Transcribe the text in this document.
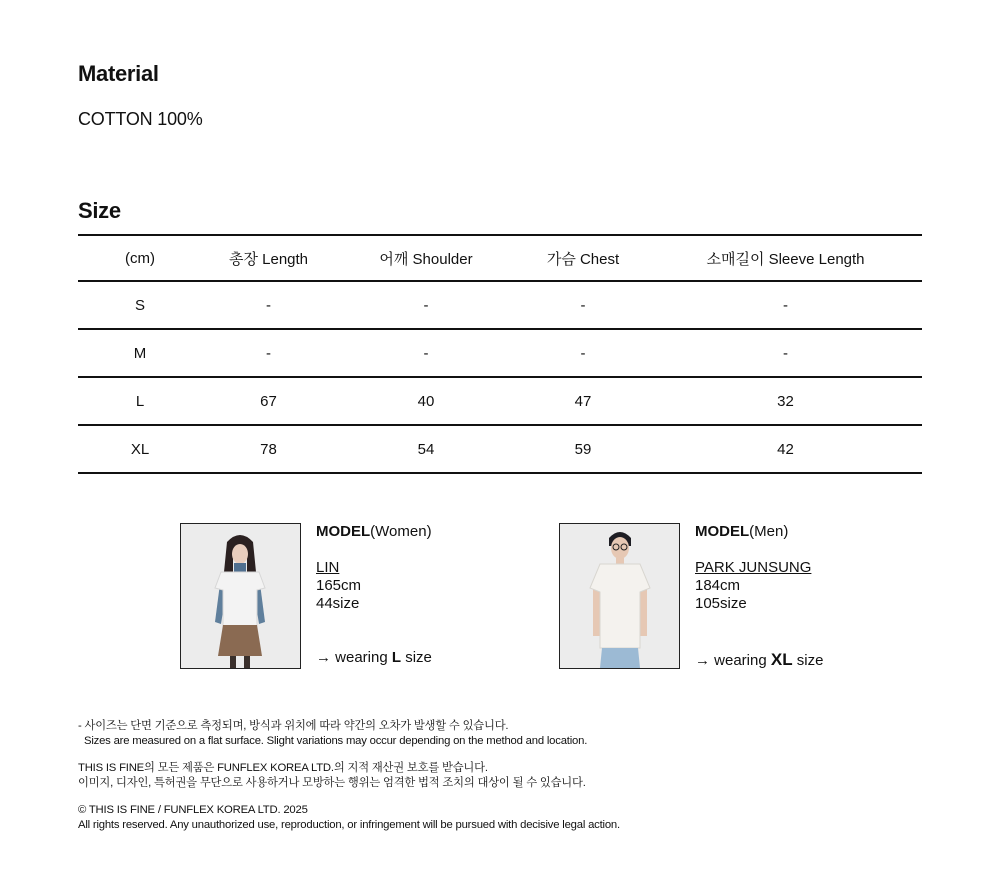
Material
COTTON 100%
Size
(cm)	총장 Length	어깨 Shoulder	가슴 Chest	소매길이 Sleeve Length
S	-	-	-	-
M	-	-	-	-
L	67	40	47	32
XL	78	54	59	42
MODEL(Women)
LIN
165cm
44size
→ wearing L size
MODEL(Men)
PARK JUNSUNG
184cm
105size
→ wearing XL size
- 사이즈는 단면 기준으로 측정되며, 방식과 위치에 따라 약간의 오차가 발생할 수 있습니다.
Sizes are measured on a flat surface. Slight variations may occur depending on the method and location.
THIS IS FINE의 모든 제품은 FUNFLEX KOREA LTD.의 지적 재산권 보호를 받습니다.
이미지, 디자인, 특허권을 무단으로 사용하거나 모방하는 행위는 엄격한 법적 조치의 대상이 될 수 있습니다.
© THIS IS FINE / FUNFLEX KOREA LTD. 2025
All rights reserved. Any unauthorized use, reproduction, or infringement will be pursued with decisive legal action.
